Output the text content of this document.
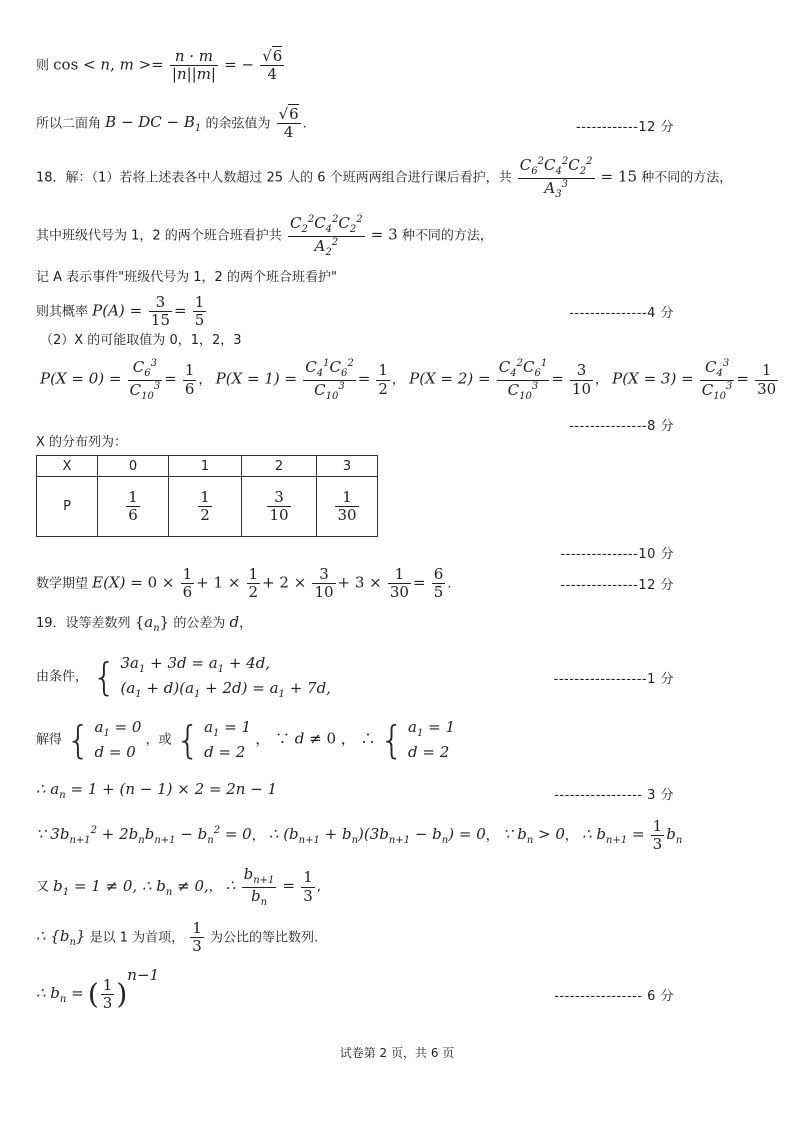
则 cos < n, $m >= \frac{n \cdot m}{|n||m|}$ = − $\frac{√6}{4}$
所以二面角 B − DC − $B_1$ 的余弦值为 $\frac{√6}{4}$ .	------------12 分
18．解：（1）若将上述表各中人数超过 25 人的 6 个班两两组合进行课后看护，共 $\frac{C_6^2C_4^2C_2^2}{A_3^3} = 15$ 种不同的方法，
其中班级代号为 1，2 的两个班合班看护共 $\frac{C_2^2C_4^2C_2^2}{A_2^2} = 3$ 种不同的方法，
记 A 表示事件"班级代号为 1，2 的两个班合班看护"
则其概率 $P(A) = \frac{3}{15} = \frac{1}{5}$	---------------4 分
（2）X 的可能取值为 0，1，2，3
$P(X = 0) = \frac{C_6^3}{C_{10}^3} = \frac{1}{6}$ ， $P(X = 1) = \frac{C_4^1C_6^2}{C_{10}^3} = \frac{1}{2}$ ， $P(X = 2) = \frac{C_4^2C_6^1}{C_{10}^3} = \frac{3}{10}$ ， $P(X = 3) = \frac{C_4^3}{C_{10}^3} = \frac{1}{30}$
---------------8 分
X 的分布列为：
X	0	1	2	3
P	$\frac{1}{6}$	$\frac{1}{2}$	$\frac{3}{10}$	$\frac{1}{30}$
---------------10 分
数学期望 $E(X) = 0 \times \frac{1}{6} + 1 \times \frac{1}{2} + 2 \times \frac{3}{10} + 3 \times \frac{1}{30} = \frac{6}{5}$ .	---------------12 分
19．设等差数列 $\{a_n\}$ 的公差为 d，
由条件， { $3a_1 + 3d = a_1 + 4d$,
$(a_1 + d)(a_1 + 2d) = a_1 + 7d$,	------------------1 分
解得 { $a_1 = 0$
d = 0 ，或 { $a_1 = 1$
d = 2 ， ∵ d ≠ 0 ， ∴ { $a_1 = 1$
d = 2
∴ $a_n = 1 + (n - 1) \times 2 = 2n - 1$	----------------- 3 分
∵ $3b_{n+1}^2 + 2b_nb_{n+1} - b_n^2 = 0$， ∴ $(b_{n+1} + b_n)(3b_{n+1} - b_n) = 0$， ∵ $b_n > 0$， ∴ $b_{n+1} = \frac{1}{3} b_n$
又 $b_1 = 1 \ne 0$, ∴ $b_n \ne 0$,， ∴ $\frac{b_{n+1}}{b_n} = \frac{1}{3}$ ,
∴ $\{b_n\}$ 是以 1 为首项， $\frac{1}{3}$ 为公比的等比数列.
∴ $b_n$ = ( $\frac{1}{3} )^{n-1}$
----------------- 6 分
试卷第 2 页，共 6 页
